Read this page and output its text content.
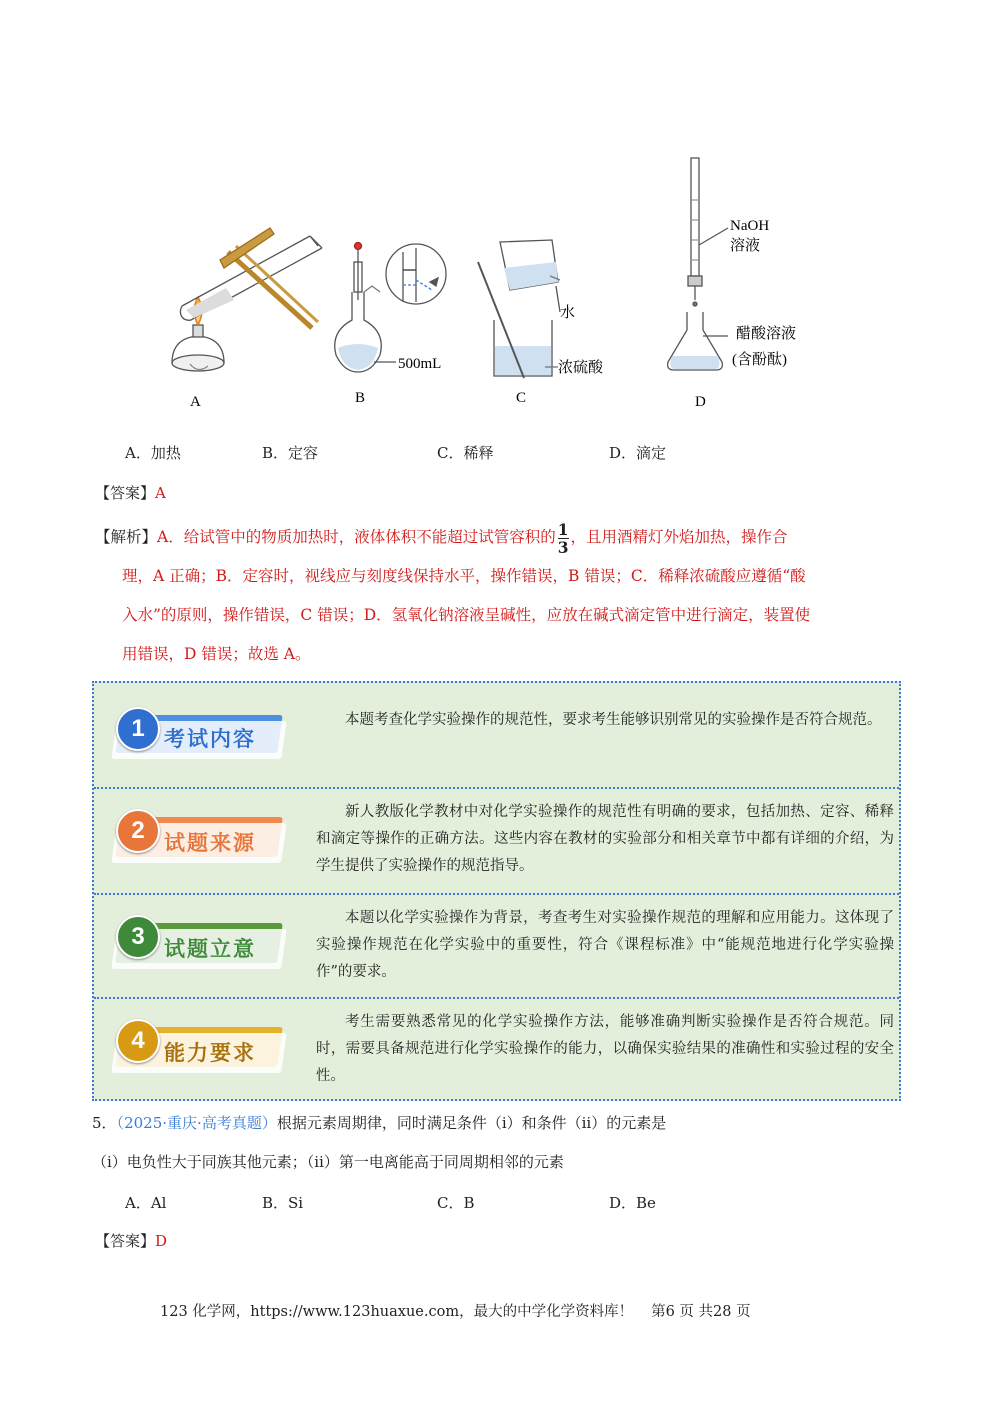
A
500mL
B
水
浓硫酸
C
NaOH
溶液
醋酸溶液
(含酚酞)
D
A．加热	B．定容	C．稀释	D．滴定
【答案】A
【解析】A．给试管中的物质加热时，液体体积不能超过试管容积的 $\frac{1}{3}$ ，且用酒精灯外焰加热，操作合
理，A 正确；B．定容时，视线应与刻度线保持水平，操作错误，B 错误；C．稀释浓硫酸应遵循“酸
入水”的原则，操作错误，C 错误；D．氢氧化钠溶液呈碱性，应放在碱式滴定管中进行滴定，装置使
用错误，D 错误；故选 A。
1 考试内容
本题考查化学实验操作的规范性，要求考生能够识别常见的实验操作是否符合规范。
2 试题来源
新人教版化学教材中对化学实验操作的规范性有明确的要求，包括加热、定容、稀释和滴定等操作的正确方法。这些内容在教材的实验部分和相关章节中都有详细的介绍，为学生提供了实验操作的规范指导。
3 试题立意
本题以化学实验操作为背景，考查考生对实验操作规范的理解和应用能力。这体现了实验操作规范在化学实验中的重要性，符合《课程标准》中“能规范地进行化学实验操作”的要求。
4 能力要求
考生需要熟悉常见的化学实验操作方法，能够准确判断实验操作是否符合规范。同时，需要具备规范进行化学实验操作的能力，以确保实验结果的准确性和实验过程的安全性。
5．（2025·重庆·高考真题）根据元素周期律，同时满足条件（ⅰ）和条件（ⅱ）的元素是
（ⅰ）电负性大于同族其他元素；（ⅱ）第一电离能高于同周期相邻的元素
A．Al	B．Si	C．B	D．Be
【答案】D
123 化学网，https://www.123huaxue.com，最大的中学化学资料库！ 第6 页 共28 页
